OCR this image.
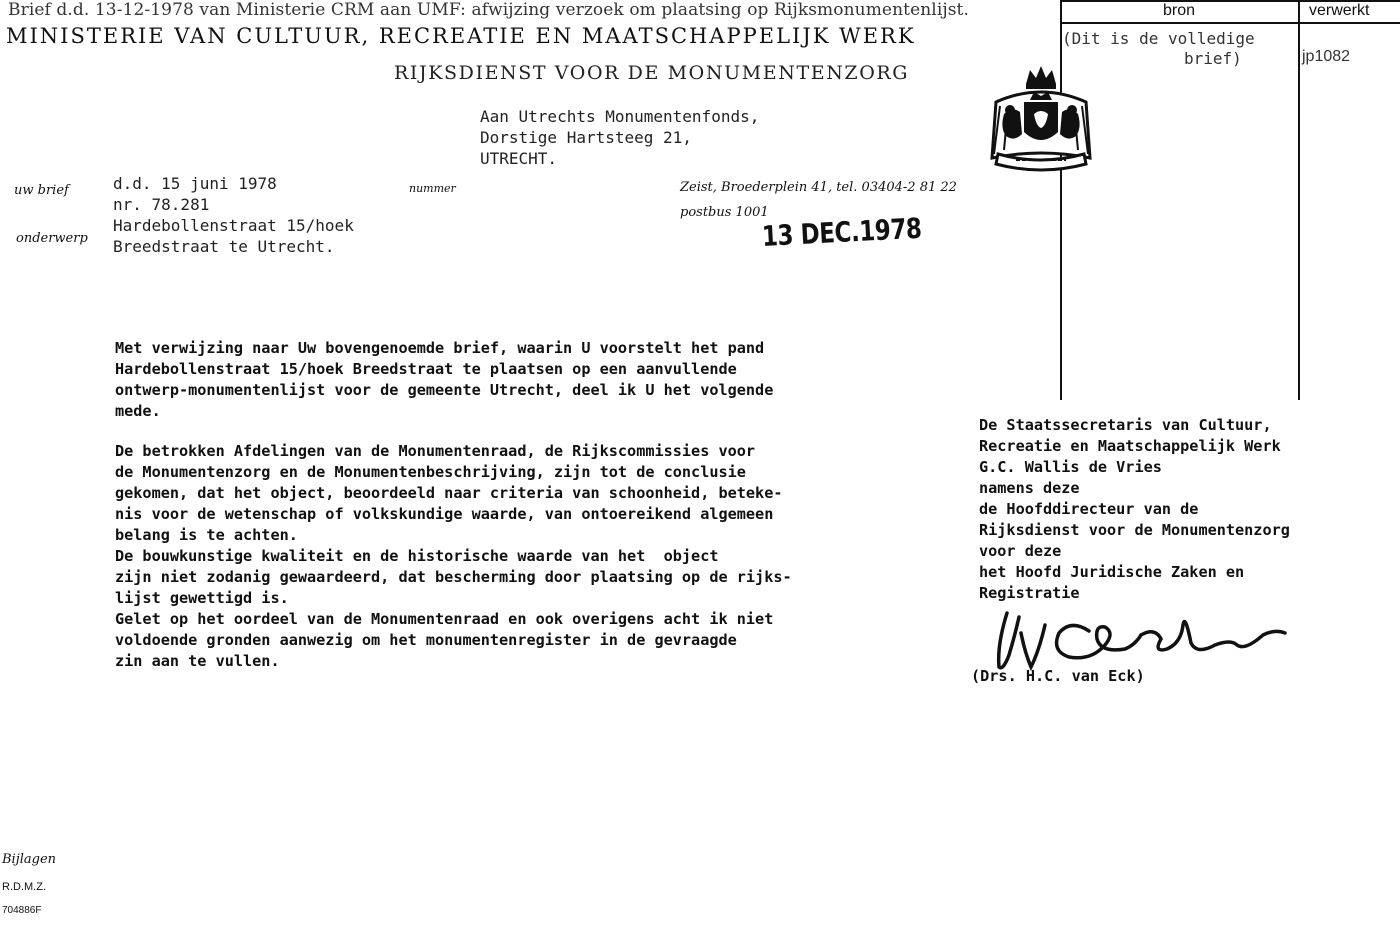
Brief d.d. 13-12-1978 van Ministerie CRM aan UMF: afwijzing verzoek om plaatsing op Rijksmonumentenlijst.	bron	verwerkt
(Dit is de volledige
brief)	jp1082
MINISTERIE VAN CULTUUR, RECREATIE EN MAATSCHAPPELIJK WERK
RIJKSDIENST VOOR DE MONUMENTENZORG
Aan Utrechts Monumentenfonds,
Dorstige Hartsteeg 21,
UTRECHT.
uw brief	d.d. 15 juni 1978
nr. 78.281
nummer
onderwerp
Hardebollenstraat 15/hoek
Breedstraat te Utrecht.
Zeist, Broederplein 41, tel. 03404-2 81 22
postbus 1001
13 DEC.1978
Met verwijzing naar Uw bovengenoemde brief, waarin U voorstelt het pand
Hardebollenstraat 15/hoek Breedstraat te plaatsen op een aanvullende
ontwerp-monumentenlijst voor de gemeente Utrecht, deel ik U het volgende
mede.
De betrokken Afdelingen van de Monumentenraad, de Rijkscommissies voor
de Monumentenzorg en de Monumentenbeschrijving, zijn tot de conclusie
gekomen, dat het object, beoordeeld naar criteria van schoonheid, beteke-
nis voor de wetenschap of volkskundige waarde, van ontoereikend algemeen
belang is te achten.
De bouwkunstige kwaliteit en de historische waarde van het  object
zijn niet zodanig gewaardeerd, dat bescherming door plaatsing op de rijks-
lijst gewettigd is.
Gelet op het oordeel van de Monumentenraad en ook overigens acht ik niet
voldoende gronden aanwezig om het monumentenregister in de gevraagde
zin aan te vullen.
De Staatssecretaris van Cultuur,
Recreatie en Maatschappelijk Werk
G.C. Wallis de Vries
namens deze
de Hoofddirecteur van de
Rijksdienst voor de Monumentenzorg
voor deze
het Hoofd Juridische Zaken en
Registratie
(Drs. H.C. van Eck)
Bijlagen
R.D.M.Z.
704886F
